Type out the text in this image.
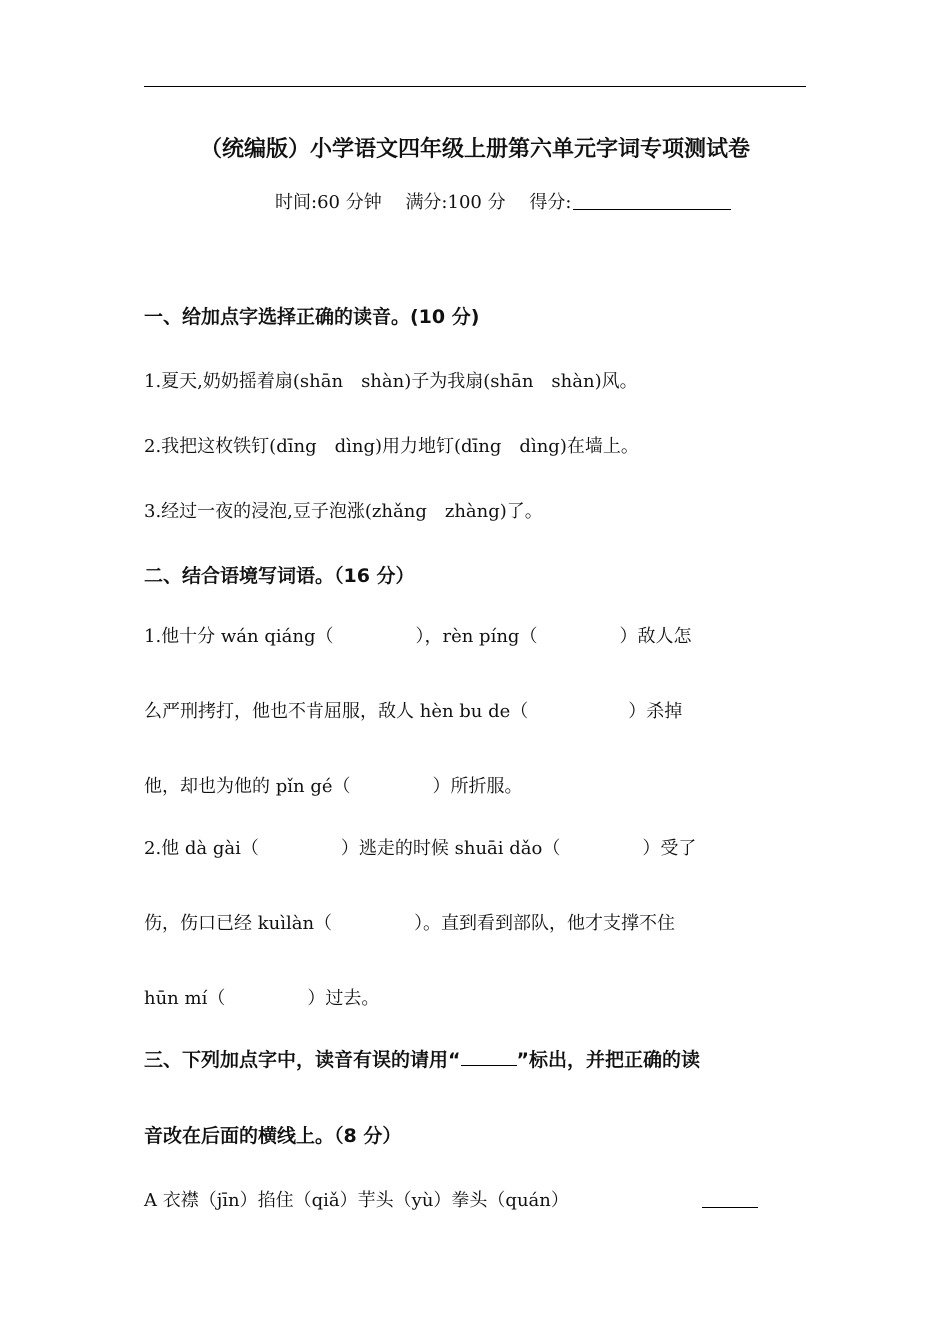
（统编版）小学语文四年级上册第六单元字词专项测试卷
时间:60 分钟 满分:100 分 得分:
一、给加点字选择正确的读音。(10 分)
1.夏天,奶奶摇着扇(shān　shàn)子为我扇(shān　shàn)风。
2.我把这枚铁钉(dīng　dìng)用力地钉(dīng　dìng)在墙上。
3.经过一夜的浸泡,豆子泡涨(zhǎng　zhàng)了。
二、结合语境写词语。（16 分）
1.他十分 wán qiáng（	），rèn píng（	）敌人怎
么严刑拷打，他也不肯屈服，敌人 hèn bu de（	）杀掉
他，却也为他的 pǐn gé（	）所折服。
2.他 dà gài（	）逃走的时候 shuāi dǎo（	）受了
伤，伤口已经 kuìlàn（	）。直到看到部队，他才支撑不住
hūn mí（	）过去。
三、下列加点字中，读音有误的请用“	”标出，并把正确的读
音改在后面的横线上。（8 分）
A 衣襟（jīn）掐住（qiǎ）芋头（yù）拳头（quán）
